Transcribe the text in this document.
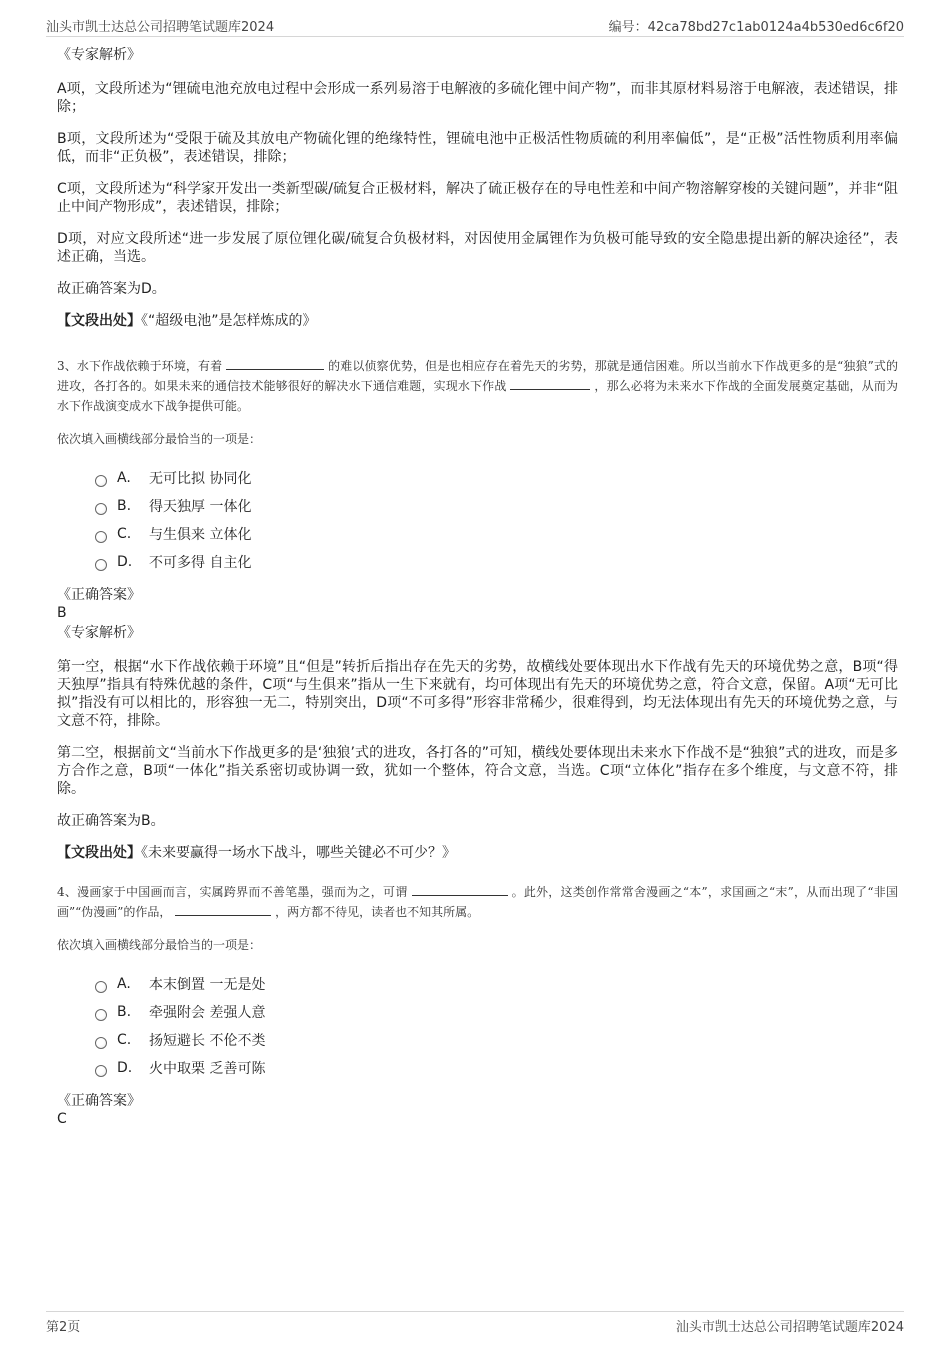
汕头市凯士达总公司招聘笔试题库2024	编号：42ca78bd27c1ab0124a4b530ed6c6f20
《专家解析》

A项，文段所述为“锂硫电池充放电过程中会形成一系列易溶于电解液的多硫化锂中间产物”，而非其原材料易溶于电解液，表述错误，排除；

B项，文段所述为“受限于硫及其放电产物硫化锂的绝缘特性，锂硫电池中正极活性物质硫的利用率偏低”，是“正极”活性物质利用率偏低，而非“正负极”，表述错误，排除；

C项，文段所述为“科学家开发出一类新型碳/硫复合正极材料，解决了硫正极存在的导电性差和中间产物溶解穿梭的关键问题”，并非“阻止中间产物形成”，表述错误，排除；

D项，对应文段所述“进一步发展了原位锂化碳/硫复合负极材料，对因使用金属锂作为负极可能导致的安全隐患提出新的解决途径”，表述正确，当选。

故正确答案为D。

【文段出处】《“超级电池”是怎样炼成的》

3、水下作战依赖于环境，有着	的难以侦察优势，但是也相应存在着先天的劣势，那就是通信困难。所以当前水下作战更多的是“独狼”式的进攻，各打各的。如果未来的通信技术能够很好的解决水下通信难题，实现水下作战	，那么必将为未来水下作战的全面发展奠定基础，从而为水下作战演变成水下战争提供可能。

依次填入画横线部分最恰当的一项是：

A.	无可比拟 协同化
B.	得天独厚 一体化
C.	与生俱来 立体化
D.	不可多得 自主化
《正确答案》
B
《专家解析》

第一空，根据“水下作战依赖于环境”且“但是”转折后指出存在先天的劣势，故横线处要体现出水下作战有先天的环境优势之意，B项“得天独厚”指具有特殊优越的条件，C项“与生俱来”指从一生下来就有，均可体现出有先天的环境优势之意，符合文意，保留。A项“无可比拟”指没有可以相比的，形容独一无二，特别突出，D项“不可多得”形容非常稀少，很难得到，均无法体现出有先天的环境优势之意，与文意不符，排除。

第二空，根据前文“当前水下作战更多的是‘独狼’式的进攻，各打各的”可知，横线处要体现出未来水下作战不是“独狼”式的进攻，而是多方合作之意，B项“一体化”指关系密切或协调一致，犹如一个整体，符合文意，当选。C项“立体化”指存在多个维度，与文意不符，排除。

故正确答案为B。

【文段出处】《未来要赢得一场水下战斗，哪些关键必不可少？》

4、漫画家于中国画而言，实属跨界而不善笔墨，强而为之，可谓	。此外，这类创作常常舍漫画之“本”，求国画之“末”，从而出现了“非国画”“伪漫画”的作品，	，两方都不待见，读者也不知其所属。

依次填入画横线部分最恰当的一项是：

A.	本末倒置 一无是处
B.	牵强附会 差强人意
C.	扬短避长 不伦不类
D.	火中取栗 乏善可陈
《正确答案》
C
第2页	汕头市凯士达总公司招聘笔试题库2024
